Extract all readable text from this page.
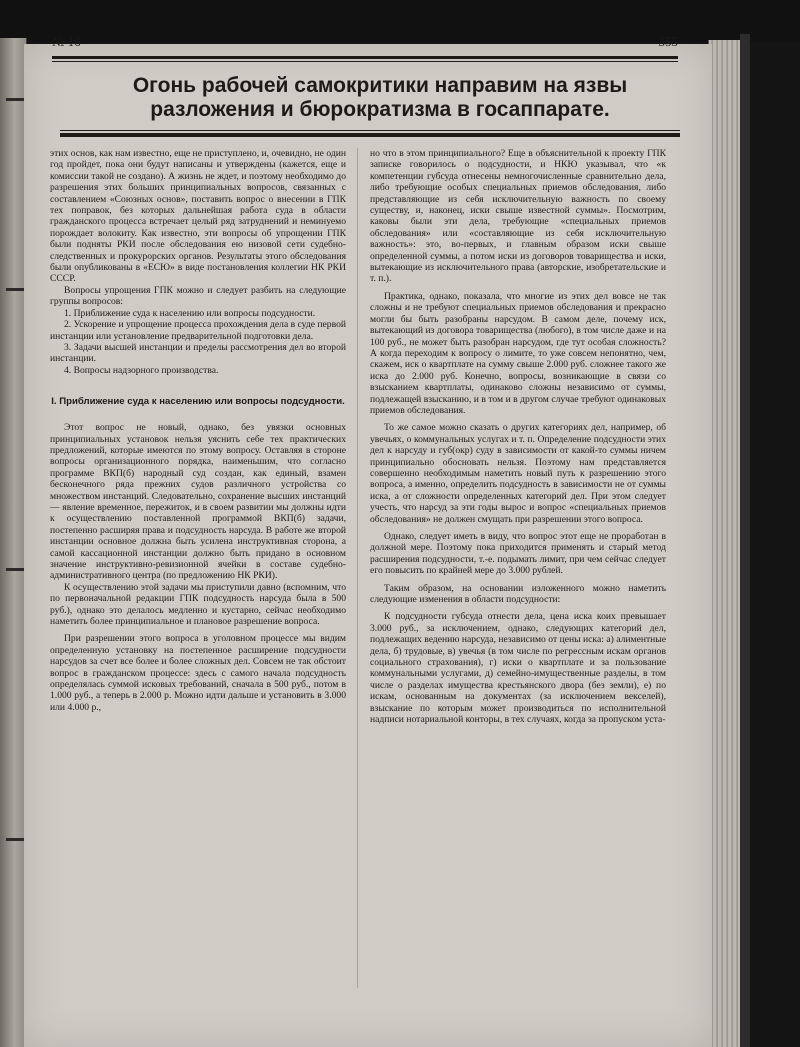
№ 16	355
Огонь рабочей самокритики направим на язвы разложения и бюрократизма в госаппарате.

этих основ, как нам известно, еще не приступлено, и, очевидно, не один год пройдет, пока они будут написаны и утверждены (кажется, еще и комиссии такой не создано). А жизнь не ждет, и поэтому необходимо до разрешения этих больших принципиальных вопросов, связанных с составлением «Союзных основ», поставить вопрос о внесении в ГПК тех поправок, без которых дальнейшая работа суда в области гражданского процесса встречает целый ряд затруднений и неминуемо порождает волокиту. Как известно, эти вопросы об упрощении ГПК были подняты РКИ после обследования ею низовой сети судебно-следственных и прокурорских органов. Результаты этого обследования были опубликованы в «ЕСЮ» в виде постановления коллегии НК РКИ СССР.

Вопросы упрощения ГПК можно и следует разбить на следующие группы вопросов:

1. Приближение суда к населению или вопросы подсудности.

2. Ускорение и упрощение процесса прохождения дела в суде первой инстанции или установление предварительной подготовки дела.

3. Задачи высшей инстанции и пределы рассмотрения дел во второй инстанции.

4. Вопросы надзорного производства.

I. Приближение суда к населению или вопросы подсудности.

Этот вопрос не новый, однако, без увязки основных принципиальных установок нельзя уяснить себе тех практических предложений, которые имеются по этому вопросу. Оставляя в стороне вопросы организационного порядка, наименьшим, что согласно программе ВКП(б) народный суд создан, как единый, взамен бесконечного ряда прежних судов различного устройства со множеством инстанций. Следовательно, сохранение высших инстанций — явление временное, пережиток, и в своем развитии мы должны идти к осуществлению поставленной программой ВКП(б) задачи, постепенно расширяя права и подсудность нарсуда. В работе же второй инстанции основное должна быть усилена инструктивная сторона, а самой кассационной инстанции должно быть придано в основном значение инструктивно-ревизионной ячейки в составе судебно-административного центра (по предложению НК РКИ).

К осуществлению этой задачи мы приступили давно (вспомним, что по первоначальной редакции ГПК подсудность нарсуда была в 500 руб.), однако это делалось медленно и кустарно, сейчас необходимо наметить более принципиальное и плановое разрешение вопроса.

При разрешении этого вопроса в уголовном процессе мы видим определенную установку на постепенное расширение подсудности нарсудов за счет все более и более сложных дел. Совсем не так обстоит вопрос в гражданском процессе: здесь с самого начала подсудность определялась суммой исковых требований, сначала в 500 руб., потом в 1.000 руб., а теперь в 2.000 р. Можно идти дальше и установить в 3.000 или 4.000 р.,

но что в этом принципиального? Еще в объяснительной к проекту ГПК записке говорилось о подсудности, и НКЮ указывал, что «к компетенции губсуда отнесены немногочисленные сравнительно дела, либо требующие особых специальных приемов обследования, либо представляющие из себя исключительную важность по своему существу, и, наконец, иски свыше известной суммы». Посмотрим, каковы были эти дела, требующие «специальных приемов обследования» или «составляющие из себя исключительную важность»: это, во-первых, и главным образом иски свыше определенной суммы, а потом иски из договоров товарищества и иски, вытекающие из исключительного права (авторские, изобретательские и т. п.).

Практика, однако, показала, что многие из этих дел вовсе не так сложны и не требуют специальных приемов обследования и прекрасно могли бы быть разобраны нарсудом. В самом деле, почему иск, вытекающий из договора товарищества (любого), в том числе даже и на 100 руб., не может быть разобран нарсудом, где тут особая сложность? А когда переходим к вопросу о лимите, то уже совсем непонятно, чем, скажем, иск о квартплате на сумму свыше 2.000 руб. сложнее такого же иска до 2.000 руб. Конечно, вопросы, возникающие в связи со взысканием квартплаты, одинаково сложны независимо от суммы, подлежащей взысканию, и в том и в другом случае требуют одинаковых приемов обследования.

То же самое можно сказать о других категориях дел, например, об увечьях, о коммунальных услугах и т. п. Определение подсудности этих дел к нарсуду и губ(окр) суду в зависимости от какой-то суммы ничем принципиально обосновать нельзя. Поэтому нам представляется совершенно необходимым наметить новый путь к разрешению этого вопроса, а именно, определить подсудность в зависимости не от суммы иска, а от сложности определенных категорий дел. При этом следует учесть, что нарсуд за эти годы вырос и вопрос «специальных приемов обследования» не должен смущать при разрешении этого вопроса.

Однако, следует иметь в виду, что вопрос этот еще не проработан в должной мере. Поэтому пока приходится применять и старый метод расширения подсудности, т.-е. подымать лимит, при чем сейчас следует его повысить по крайней мере до 3.000 рублей.

Таким образом, на основании изложенного можно наметить следующие изменения в области подсудности:

К подсудности губсуда отнести дела, цена иска коих превышает 3.000 руб., за исключением, однако, следующих категорий дел, подлежащих ведению нарсуда, независимо от цены иска: а) алиментные дела, б) трудовые, в) увечья (в том числе по регрессным искам органов социального страхования), г) иски о квартплате и за пользование коммунальными услугами, д) семейно-имущественные разделы, в том числе о разделах имущества крестьянского двора (без земли), е) по искам, основанным на документах (за исключением векселей), взыскание по которым может производиться по исполнительной надписи нотариальной конторы, в тех случаях, когда за пропуском уста-
